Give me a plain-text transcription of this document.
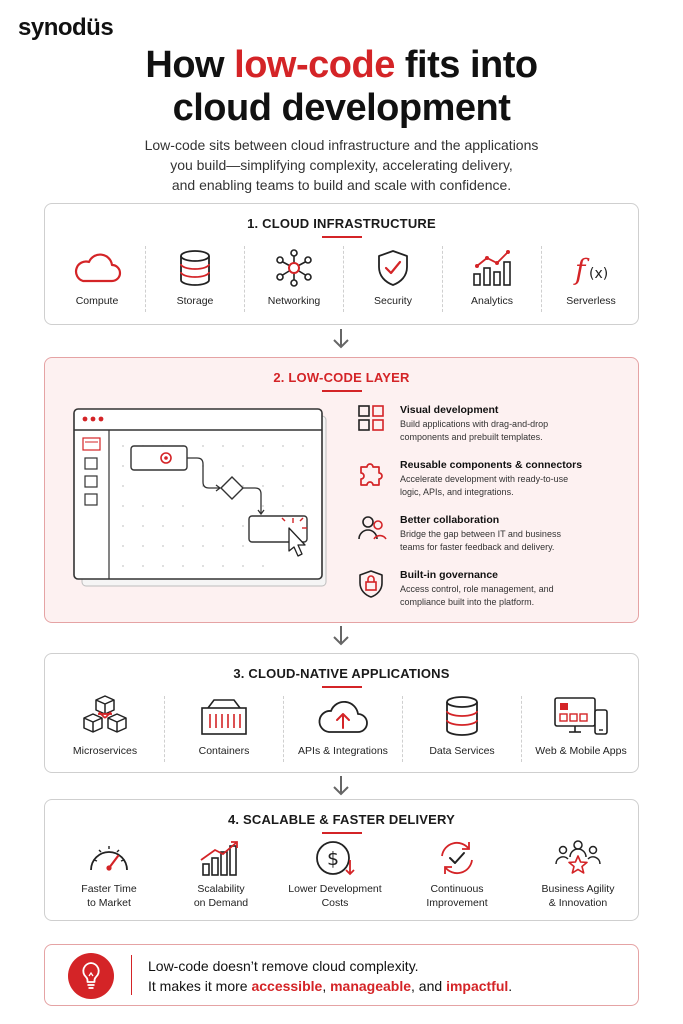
synodüs
How low-code fits into
cloud development
Low-code sits between cloud infrastructure and the applications
you build—simplifying complexity, accelerating delivery,
and enabling teams to build and scale with confidence.
1. CLOUD INFRASTRUCTURE
Compute	Storage	Networking	Security	Analytics
f (x)
Serverless
2. LOW-CODE LAYER
Visual development
Build applications with drag-and-drop
components and prebuilt templates.
Reusable components & connectors
Accelerate development with ready-to-use
logic, APIs, and integrations.
Better collaboration
Bridge the gap between IT and business
teams for faster feedback and delivery.
Built-in governance
Access control, role management, and
compliance built into the platform.
3. CLOUD-NATIVE APPLICATIONS
Microservices	Containers	APIs & Integrations	Data Services	Web & Mobile Apps
4. SCALABLE & FASTER DELIVERY
Faster Time
to Market
Scalability
on Demand
$
Lower Development
Costs
Continuous
Improvement
Business Agility
& Innovation
Low-code doesn’t remove cloud complexity.
It makes it more accessible, manageable, and impactful.
